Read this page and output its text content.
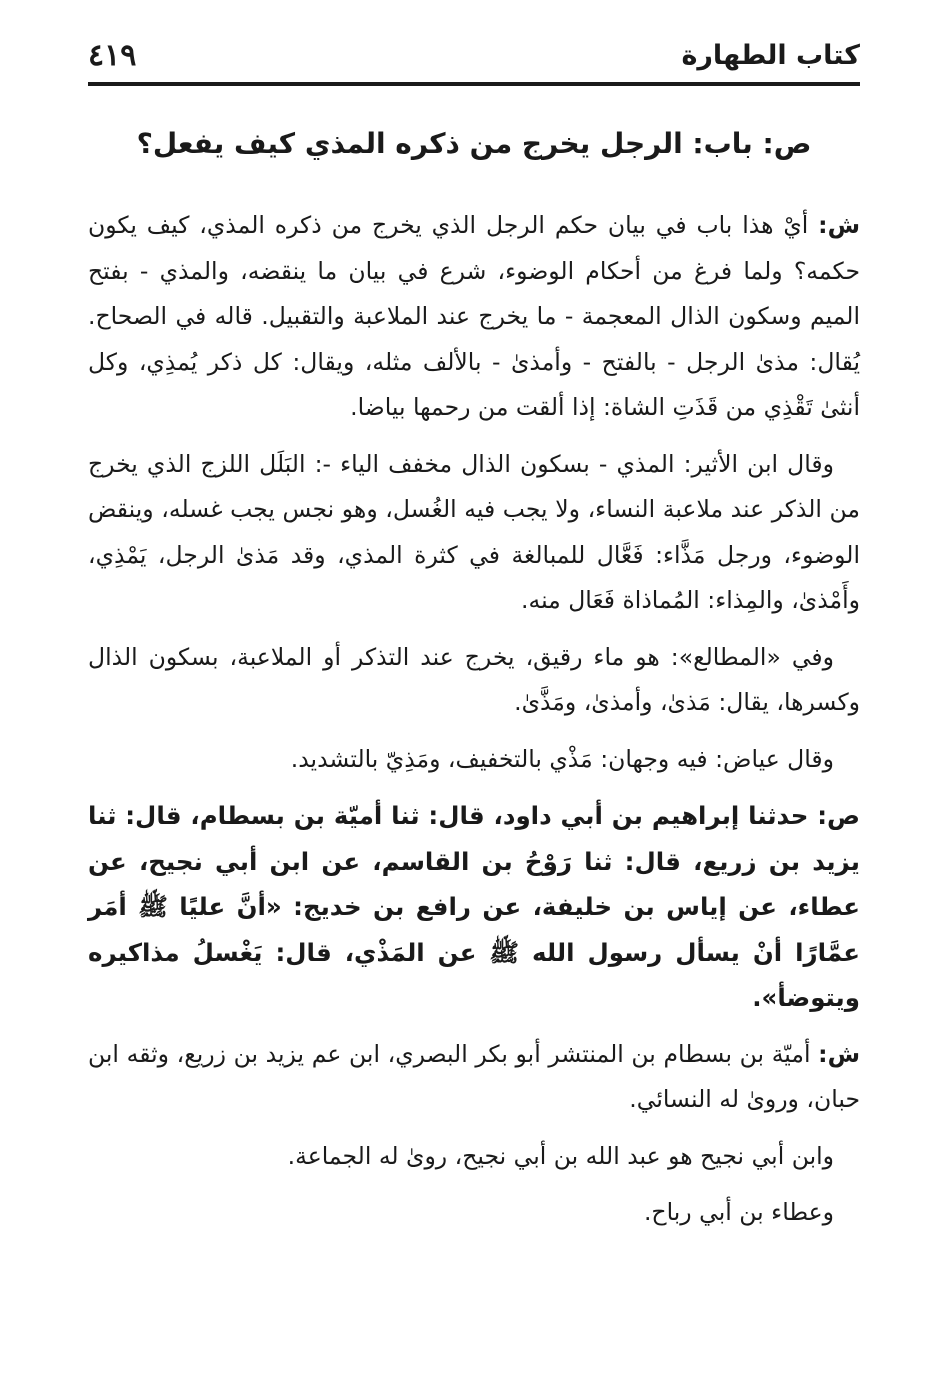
٤١٩	كتاب الطهارة
ص: باب: الرجل يخرج من ذكره المذي كيف يفعل؟

ش: أيْ هذا باب في بيان حكم الرجل الذي يخرج من ذكره المذي، كيف يكون حكمه؟ ولما فرغ من أحكام الوضوء، شرع في بيان ما ينقضه، والمذي - بفتح الميم وسكون الذال المعجمة - ما يخرج عند الملاعبة والتقبيل. قاله في الصحاح. يُقال: مذىٰ الرجل - بالفتح - وأمذىٰ - بالألف مثله، ويقال: كل ذكر يُمذِي، وكل أنثىٰ تَقْذِي من قَذَتِ الشاة: إذا ألقت من رحمها بياضا.

وقال ابن الأثير: المذي - بسكون الذال مخفف الياء -: البَلَل اللزج الذي يخرج من الذكر عند ملاعبة النساء، ولا يجب فيه الغُسل، وهو نجس يجب غسله، وينقض الوضوء، ورجل مَذَّاء: فَعَّال للمبالغة في كثرة المذي، وقد مَذىٰ الرجل، يَمْذِي، وأَمْذىٰ، والمِذاء: المُماذاة فَعَال منه.

وفي «المطالع»: هو ماء رقيق، يخرج عند التذكر أو الملاعبة، بسكون الذال وكسرها، يقال: مَذىٰ، وأمذىٰ، ومَذَّىٰ.

وقال عياض: فيه وجهان: مَذْي بالتخفيف، ومَذِيّ بالتشديد.

ص: حدثنا إبراهيم بن أبي داود، قال: ثنا أميّة بن بسطام، قال: ثنا يزيد بن زريع، قال: ثنا رَوْحُ بن القاسم، عن ابن أبي نجيح، عن عطاء، عن إياس بن خليفة، عن رافع بن خديج: «أنَّ عليًا ﷺ أمَر عمَّارًا أنْ يسأل رسول الله ﷺ عن المَذْي، قال: يَغْسلُ مذاكيره ويتوضأ».

ش: أميّة بن بسطام بن المنتشر أبو بكر البصري، ابن عم يزيد بن زريع، وثقه ابن حبان، وروىٰ له النسائي.

وابن أبي نجيح هو عبد الله بن أبي نجيح، روىٰ له الجماعة.

وعطاء بن أبي رباح.
